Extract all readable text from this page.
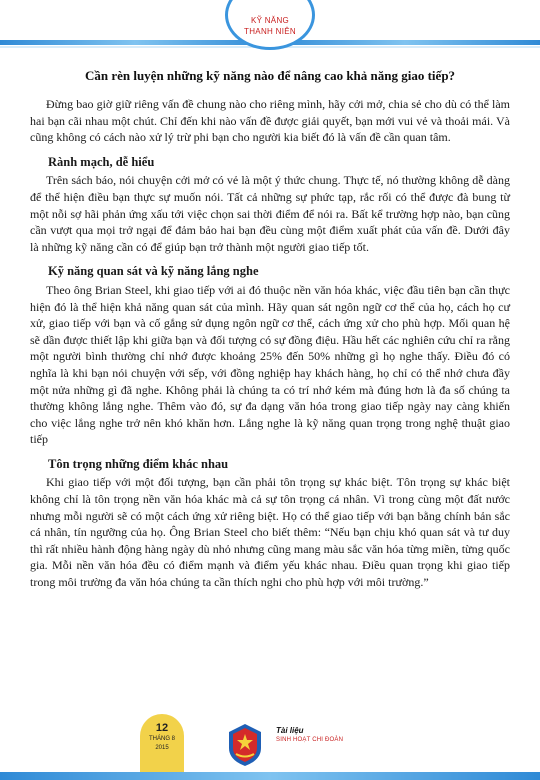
KỸ NĂNG
THANH NIÊN
Cần rèn luyện những kỹ năng nào để nâng cao khả năng giao tiếp?

Đừng bao giờ giữ riêng vấn đề chung nào cho riêng mình, hãy cởi mở, chia sẻ cho dù có thể làm hai bạn cãi nhau một chút. Chỉ đến khi nào vấn đề được giải quyết, bạn mới vui vẻ và thoải mái. Và cũng không có cách nào xử lý trừ phi bạn cho người kia biết đó là vấn đề cần quan tâm.

Rành mạch, dễ hiểu

Trên sách báo, nói chuyện cởi mở có vẻ là một ý thức chung. Thực tế, nó thường không dễ dàng để thể hiện điều bạn thực sự muốn nói. Tất cả những sự phức tạp, rắc rối có thể được đà bung từ một nỗi sợ hãi phản ứng xấu tới việc chọn sai thời điểm để nói ra. Bất kể trường hợp nào, bạn cũng cần vượt qua mọi trở ngại để đảm bảo hai bạn đều cùng một điểm xuất phát của vấn đề. Dưới đây là những kỹ năng cần có để giúp bạn trở thành một người giao tiếp tốt.

Kỹ năng quan sát và kỹ năng lắng nghe

Theo ông Brian Steel, khi giao tiếp với ai đó thuộc nền văn hóa khác, việc đầu tiên bạn cần thực hiện đó là thể hiện khả năng quan sát của mình. Hãy quan sát ngôn ngữ cơ thể của họ, cách họ cư xử, giao tiếp với bạn và cố gắng sử dụng ngôn ngữ cơ thể, cách ứng xử cho phù hợp. Mối quan hệ sẽ dần được thiết lập khi giữa bạn và đối tượng có sự đồng điệu. Hầu hết các nghiên cứu chỉ ra rằng một người bình thường chỉ nhớ được khoảng 25% đến 50% những gì họ nghe thấy. Điều đó có nghĩa là khi bạn nói chuyện với sếp, với đồng nghiệp hay khách hàng, họ chỉ có thể nhớ chưa đầy một nửa những gì đã nghe. Không phải là chúng ta có trí nhớ kém mà đúng hơn là đa số chúng ta thường không lắng nghe. Thêm vào đó, sự đa dạng văn hóa trong giao tiếp ngày nay càng khiến cho việc lắng nghe trở nên khó khăn hơn. Lắng nghe là kỹ năng quan trọng trong nghệ thuật giao tiếp

Tôn trọng những điểm khác nhau

Khi giao tiếp với một đối tượng, bạn cần phải tôn trọng sự khác biệt. Tôn trọng sự khác biệt không chỉ là tôn trọng nền văn hóa khác mà cả sự tôn trọng cá nhân. Vì trong cùng một đất nước nhưng mỗi người sẽ có một cách ứng xử riêng biệt. Họ có thể giao tiếp với bạn bằng chính bản sắc cá nhân, tín ngưỡng của họ. Ông Brian Steel cho biết thêm: “Nếu bạn chịu khó quan sát và tư duy thì rất nhiều hành động hàng ngày dù nhỏ nhưng cũng mang màu sắc văn hóa từng miền, từng quốc gia. Mỗi nền văn hóa đều có điểm mạnh và điểm yếu khác nhau. Điều quan trọng khi giao tiếp trong môi trường đa văn hóa chúng ta cần thích nghi cho phù hợp với môi trường.”

12
THÁNG 8
2015
Tài liệu
SINH HOẠT CHI ĐOÀN
